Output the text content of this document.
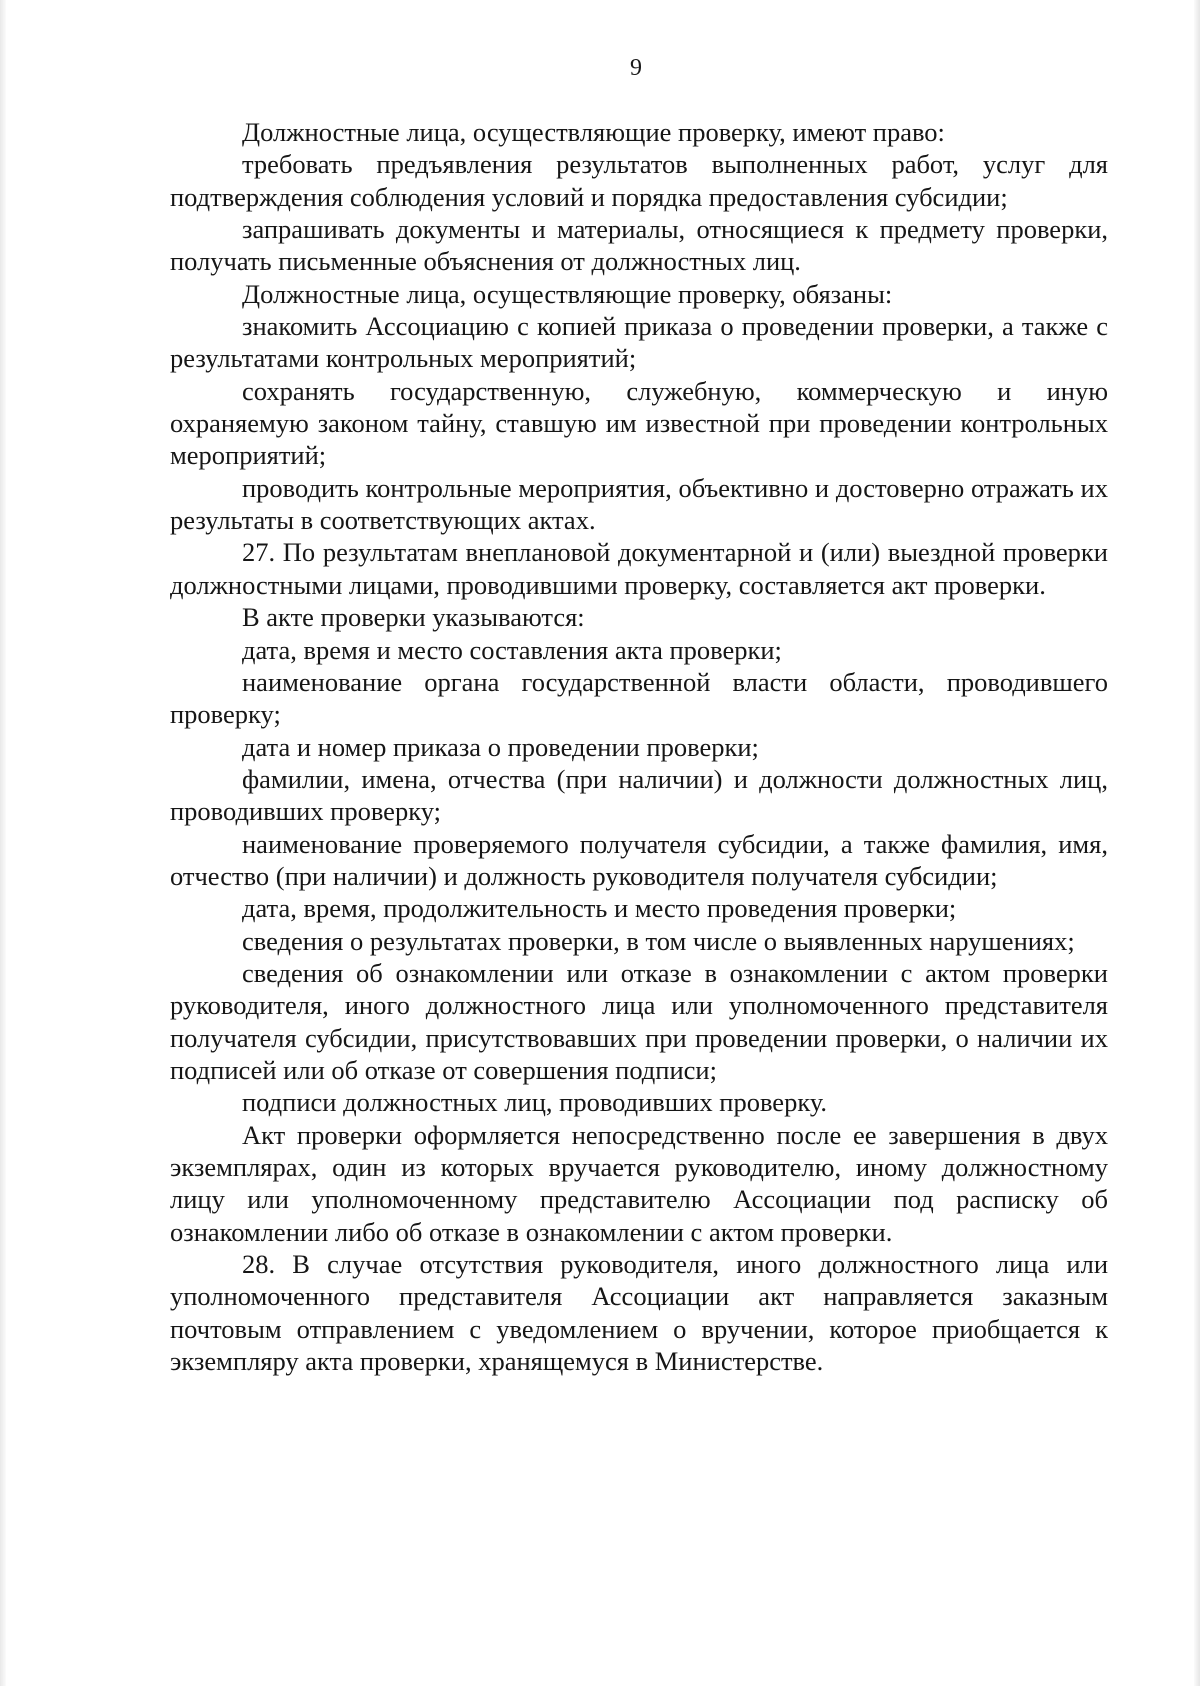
9

Должностные лица, осуществляющие проверку, имеют право:

требовать предъявления результатов выполненных работ, услуг для подтверждения соблюдения условий и порядка предоставления субсидии;

запрашивать документы и материалы, относящиеся к предмету проверки, получать письменные объяснения от должностных лиц.

Должностные лица, осуществляющие проверку, обязаны:

знакомить Ассоциацию с копией приказа о проведении проверки, а также с результатами контрольных мероприятий;

сохранять государственную, служебную, коммерческую и иную охраняемую законом тайну, ставшую им известной при проведении контрольных мероприятий;

проводить контрольные мероприятия, объективно и достоверно отражать их результаты в соответствующих актах.

27. По результатам внеплановой документарной и (или) выездной проверки должностными лицами, проводившими проверку, составляется акт проверки.

В акте проверки указываются:

дата, время и место составления акта проверки;

наименование органа государственной власти области, проводившего проверку;

дата и номер приказа о проведении проверки;

фамилии, имена, отчества (при наличии) и должности должностных лиц, проводивших проверку;

наименование проверяемого получателя субсидии, а также фамилия, имя, отчество (при наличии) и должность руководителя получателя субсидии;

дата, время, продолжительность и место проведения проверки;

сведения о результатах проверки, в том числе о выявленных нарушениях;

сведения об ознакомлении или отказе в ознакомлении с актом проверки руководителя, иного должностного лица или уполномоченного представителя получателя субсидии, присутствовавших при проведении проверки, о наличии их подписей или об отказе от совершения подписи;

подписи должностных лиц, проводивших проверку.

Акт проверки оформляется непосредственно после ее завершения в двух экземплярах, один из которых вручается руководителю, иному должностному лицу или уполномоченному представителю Ассоциации под расписку об ознакомлении либо об отказе в ознакомлении с актом проверки.

28. В случае отсутствия руководителя, иного должностного лица или уполномоченного представителя Ассоциации акт направляется заказным почтовым отправлением с уведомлением о вручении, которое приобщается к экземпляру акта проверки, хранящемуся в Министерстве.
